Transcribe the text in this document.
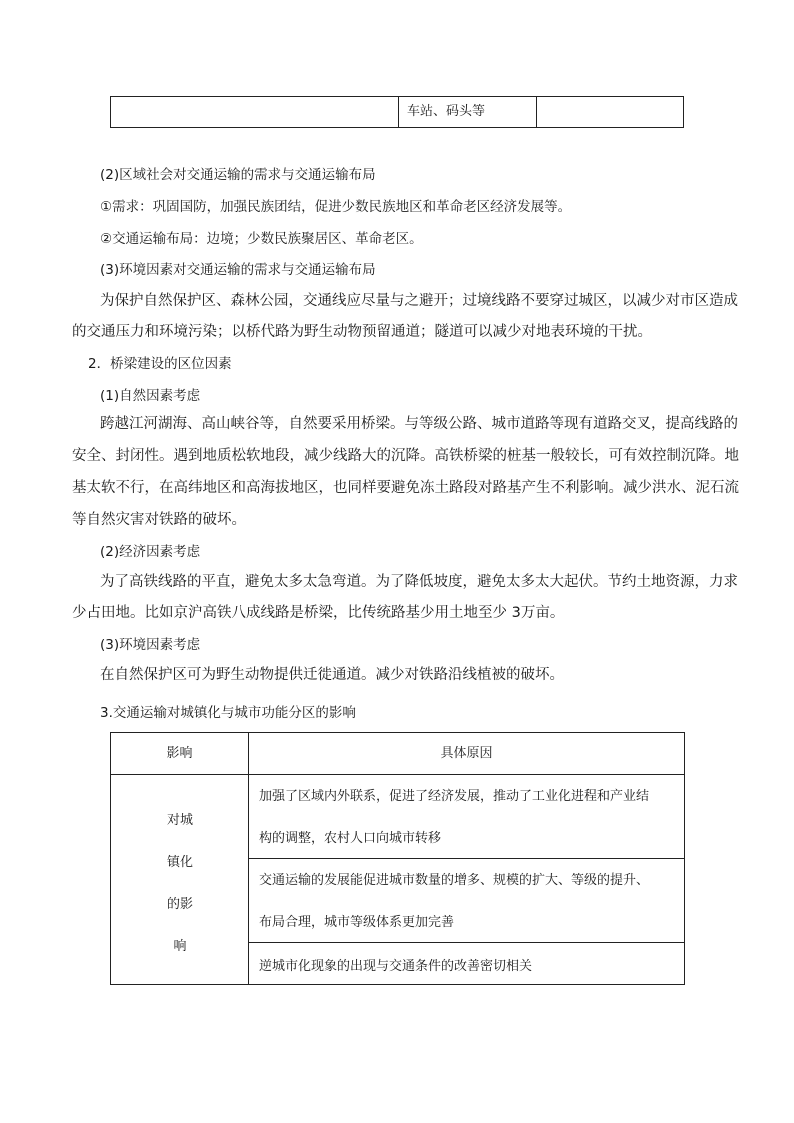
车站、码头等
(2)区域社会对交通运输的需求与交通运输布局
①需求：巩固国防，加强民族团结，促进少数民族地区和革命老区经济发展等。
②交通运输布局：边境；少数民族聚居区、革命老区。
(3)环境因素对交通运输的需求与交通运输布局
为保护自然保护区、森林公园，交通线应尽量与之避开；过境线路不要穿过城区，以减少对市区造成
的交通压力和环境污染；以桥代路为野生动物预留通道；隧道可以减少对地表环境的干扰。
2．桥梁建设的区位因素
(1)自然因素考虑
跨越江河湖海、高山峡谷等，自然要采用桥梁。与等级公路、城市道路等现有道路交叉，提高线路的
安全、封闭性。遇到地质松软地段，减少线路大的沉降。高铁桥梁的桩基一般较长，可有效控制沉降。地
基太软不行，在高纬地区和高海拔地区，也同样要避免冻土路段对路基产生不利影响。减少洪水、泥石流
等自然灾害对铁路的破坏。
(2)经济因素考虑
为了高铁线路的平直，避免太多太急弯道。为了降低坡度，避免太多太大起伏。节约土地资源，力求
少占田地。比如京沪高铁八成线路是桥梁，比传统路基少用土地至少 3万亩。
(3)环境因素考虑
在自然保护区可为野生动物提供迁徙通道。减少对铁路沿线植被的破坏。
3.交通运输对城镇化与城市功能分区的影响
影响	具体原因
对城
镇化
的影
响
加强了区域内外联系，促进了经济发展，推动了工业化进程和产业结
构的调整，农村人口向城市转移
交通运输的发展能促进城市数量的增多、规模的扩大、等级的提升、
布局合理，城市等级体系更加完善
逆城市化现象的出现与交通条件的改善密切相关
